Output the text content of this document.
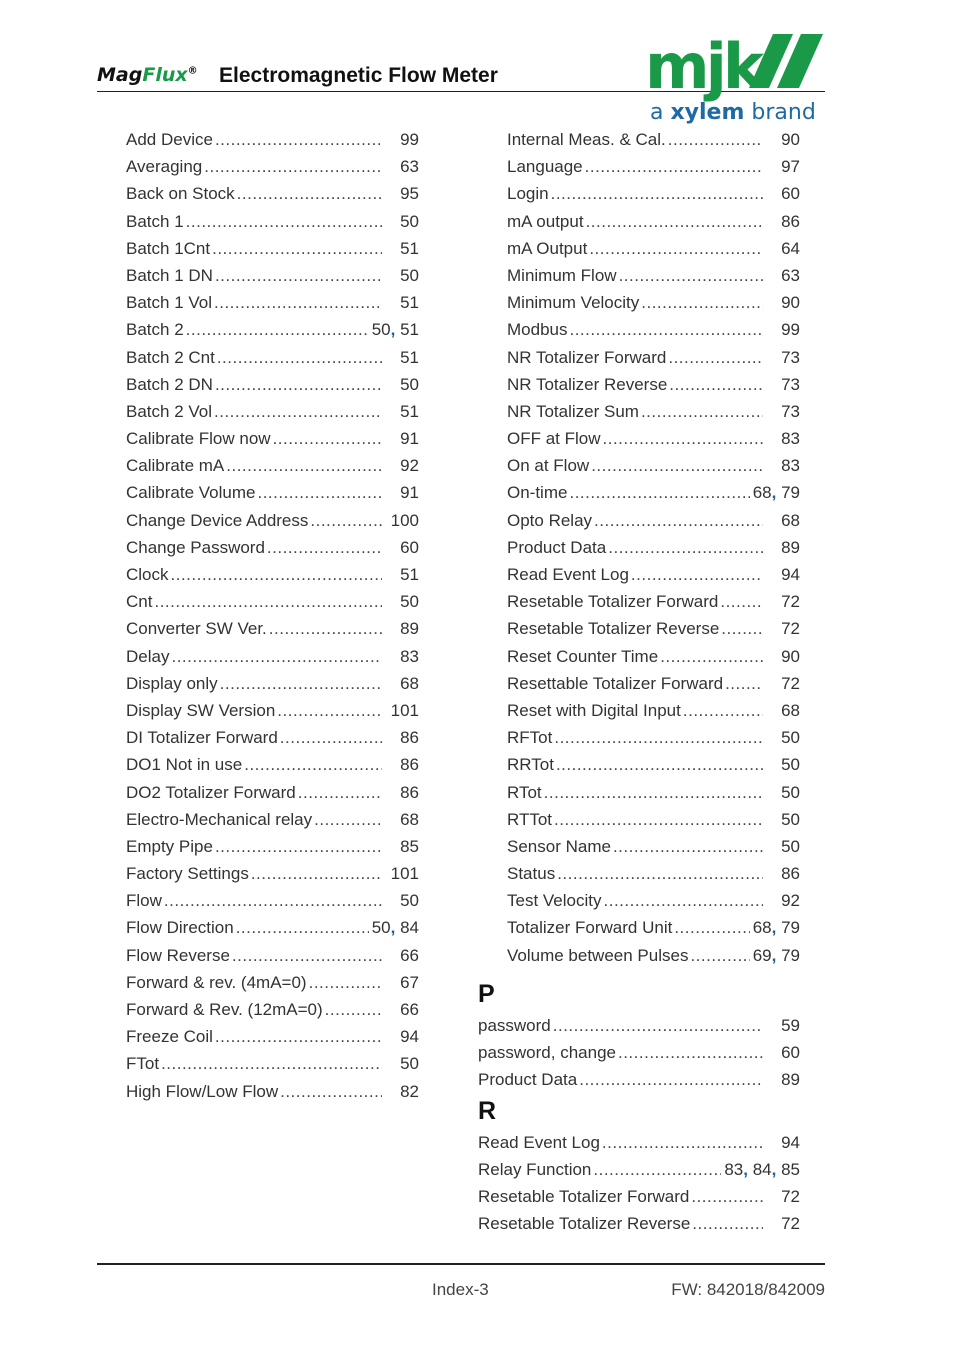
MagFlux® Electromagnetic Flow Meter mjk
a xylem brand
Add Device .....	99
Averaging .....	63
Back on Stock .....	95
Batch 1 .....	50
Batch 1Cnt .....	51
Batch 1 DN .....	50
Batch 1 Vol .....	51
Batch 2 .....	50, 51
Batch 2 Cnt .....	51
Batch 2 DN .....	50
Batch 2 Vol .....	51
Calibrate Flow now .....	91
Calibrate mA .....	92
Calibrate Volume .....	91
Change Device Address .....	100
Change Password .....	60
Clock .....	51
Cnt .....	50
Converter SW Ver. .....	89
Delay .....	83
Display only .....	68
Display SW Version .....	101
DI Totalizer Forward .....	86
DO1 Not in use .....	86
DO2 Totalizer Forward .....	86
Electro-Mechanical relay .....	68
Empty Pipe .....	85
Factory Settings .....	101
Flow .....	50
Flow Direction .....	50, 84
Flow Reverse .....	66
Forward & rev. (4mA=0) .....	67
Forward & Rev. (12mA=0) .....	66
Freeze Coil .....	94
FTot .....	50
High Flow/Low Flow .....	82
Internal Meas. & Cal. .....	90
Language .....	97
Login .....	60
mA output .....	86
mA Output .....	64
Minimum Flow .....	63
Minimum Velocity .....	90
Modbus .....	99
NR Totalizer Forward .....	73
NR Totalizer Reverse .....	73
NR Totalizer Sum .....	73
OFF at Flow .....	83
On at Flow .....	83
On-time .....	68, 79
Opto Relay .....	68
Product Data .....	89
Read Event Log .....	94
Resetable Totalizer Forward .....	72
Resetable Totalizer Reverse .....	72
Reset Counter Time .....	90
Resettable Totalizer Forward .....	72
Reset with Digital Input .....	68
RFTot .....	50
RRTot .....	50
RTot .....	50
RTTot .....	50
Sensor Name .....	50
Status .....	86
Test Velocity .....	92
Totalizer Forward Unit .....	68, 79
Volume between Pulses .....	69, 79
P
password .....	59
password, change .....	60
Product Data .....	89
R
Read Event Log .....	94
Relay Function .....	83, 84, 85
Resetable Totalizer Forward .....	72
Resetable Totalizer Reverse .....	72
Index-3	FW: 842018/842009
